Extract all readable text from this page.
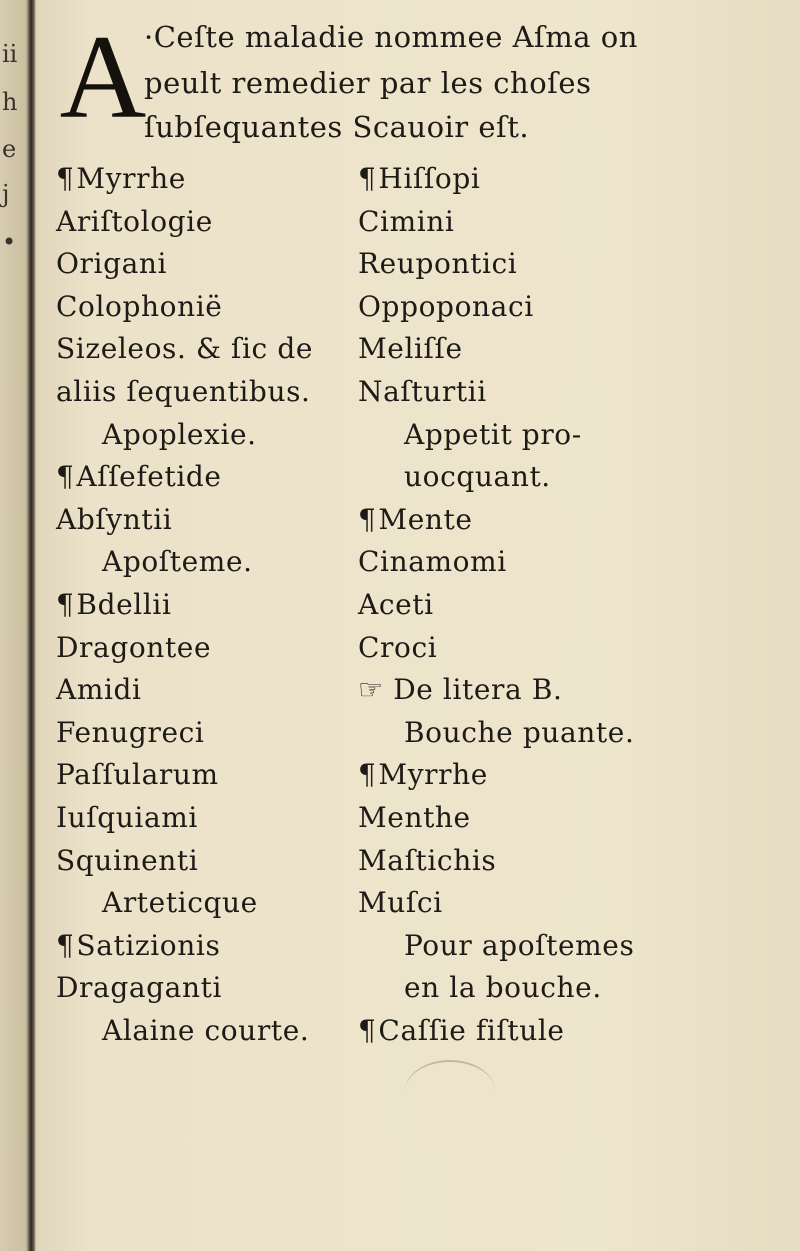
ii
h
e
j
•
A
·Ceſte maladie nommee Aſma on
peult remedier par les choſes
ſubſequantes Scauoir eſt.
¶Myrrhe
Ariſtologie
Origani
Colophonië
Sizeleos. & ſic de
aliis ſequentibus.
Apoplexie.
¶Aſſefetide
Abſyntii
Apoſteme.
¶Bdellii
Dragontee
Amidi
Fenugreci
Paſſularum
Iuſquiami
Squinenti
Arteticque
¶Satizionis
Dragaganti
Alaine courte.
¶Hiſſopi
Cimini
Reupontici
Oppoponaci
Meliſſe
Naſturtii
Appetit pro-
uocquant.
¶Mente
Cinamomi
Aceti
Croci
☞ De litera B.
Bouche puante.
¶Myrrhe
Menthe
Maſtichis
Muſci
Pour apoſtemes
en la bouche.
¶Caſſie fiſtule
